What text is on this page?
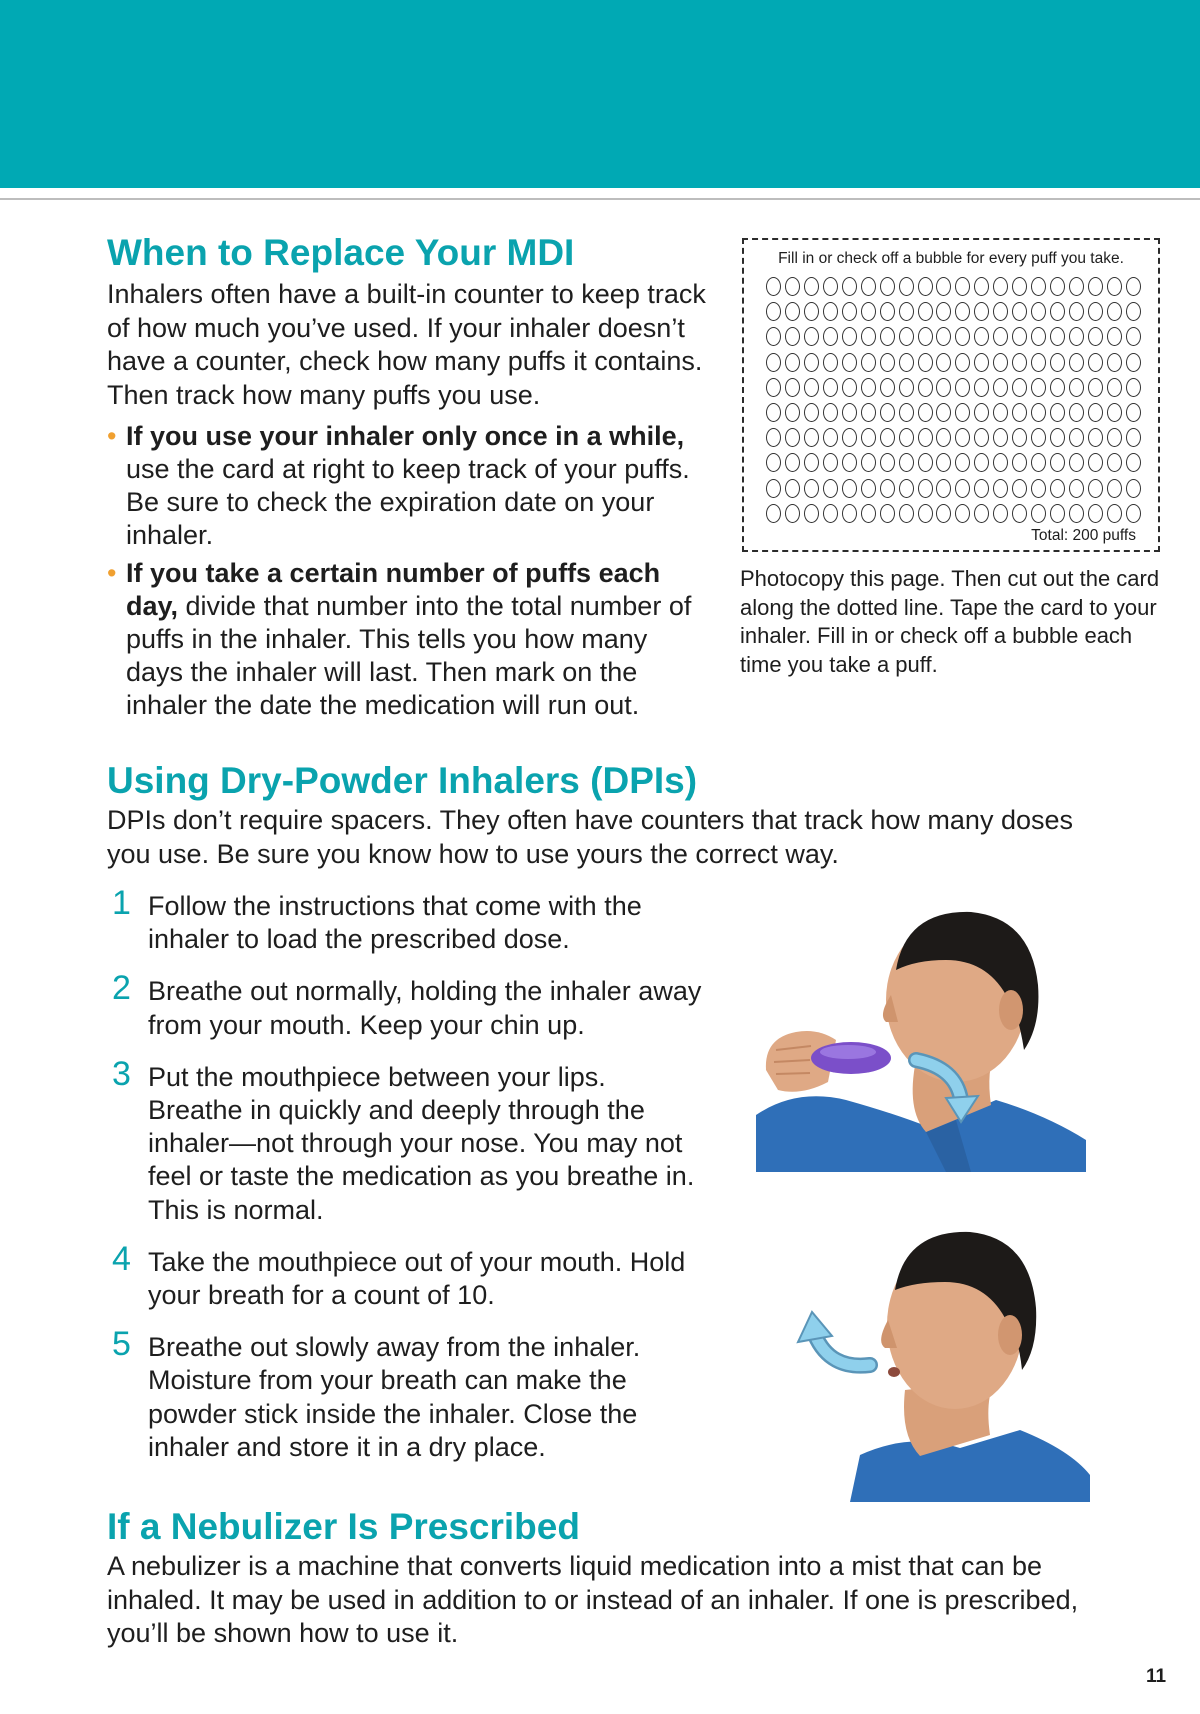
When to Replace Your MDI

Inhalers often have a built-in counter to keep track of how much you’ve used. If your inhaler doesn’t have a counter, check how many puffs it contains. Then track how many puffs you use.

• If you use your inhaler only once in a while, use the card at right to keep track of your puffs. Be sure to check the expiration date on your inhaler.
• If you take a certain number of puffs each day, divide that number into the total number of puffs in the inhaler. This tells you how many days the inhaler will last. Then mark on the inhaler the date the medication will run out.
Fill in or check off a bubble for every puff you take.
Total: 200 puffs

Photocopy this page. Then cut out the card along the dotted line. Tape the card to your inhaler. Fill in or check off a bubble each time you take a puff.

Using Dry-Powder Inhalers (DPIs)

DPIs don’t require spacers. They often have counters that track how many doses you use. Be sure you know how to use yours the correct way.

1 Follow the instructions that come with the inhaler to load the prescribed dose.
2 Breathe out normally, holding the inhaler away from your mouth. Keep your chin up.
3 Put the mouthpiece between your lips. Breathe in quickly and deeply through the inhaler—not through your nose. You may not feel or taste the medication as you breathe in. This is normal.
4 Take the mouthpiece out of your mouth. Hold your breath for a count of 10.
5 Breathe out slowly away from the inhaler. Moisture from your breath can make the powder stick inside the inhaler. Close the inhaler and store it in a dry place.
If a Nebulizer Is Prescribed

A nebulizer is a machine that converts liquid medication into a mist that can be inhaled. It may be used in addition to or instead of an inhaler. If one is prescribed, you’ll be shown how to use it.

11
